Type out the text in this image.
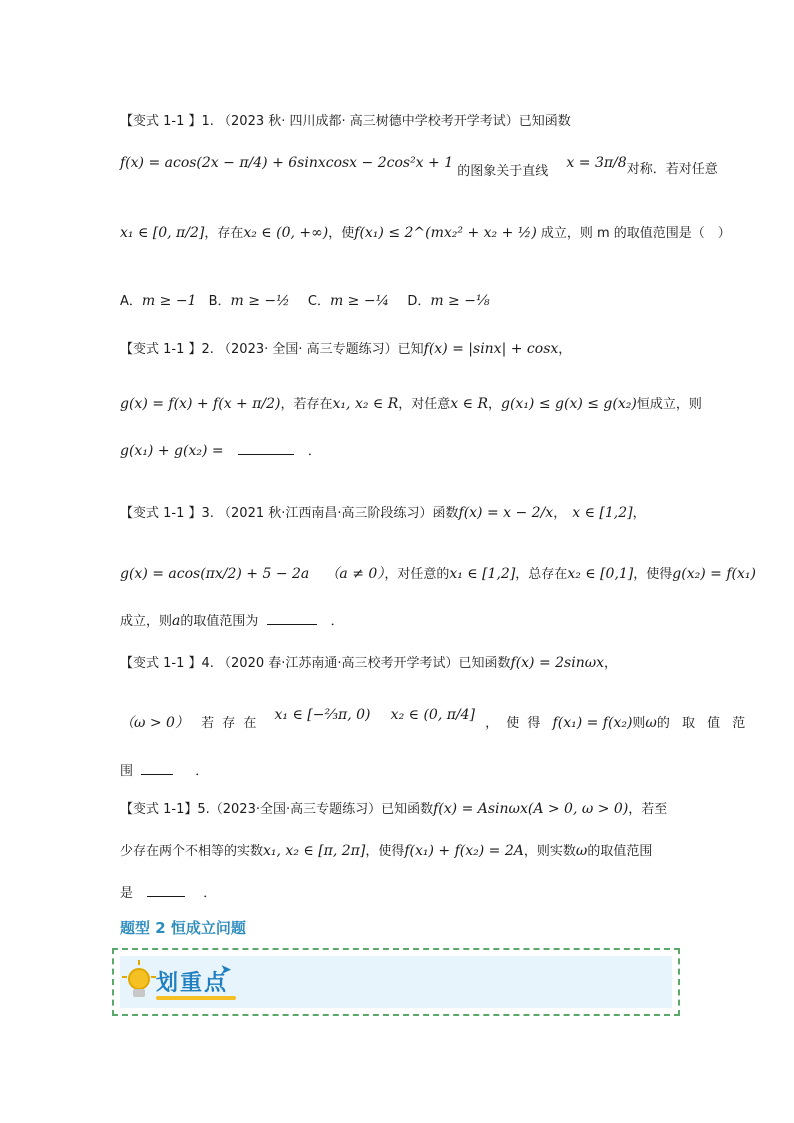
【变式 1-1 】1. （2023 秋· 四川成都· 高三树德中学校考开学考试）已知函数
f(x) = acos(2x − π/4) + 6sinxcosx − 2cos²x + 1 的图象关于直线 x = 3π/8对称．若对任意
x₁ ∈ [0, π/2]，存在x₂ ∈ (0, +∞)，使f(x₁) ≤ 2^(mx₂² + x₂ + ½) 成立，则 m 的取值范围是（　）
A．m ≥ −1 B．m ≥ −½ C．m ≥ −¼ D．m ≥ −⅛
【变式 1-1 】2. （2023· 全国· 高三专题练习）已知f(x) = |sinx| + cosx，
g(x) = f(x) + f(x + π/2)，若存在x₁, x₂ ∈ R，对任意x ∈ R，g(x₁) ≤ g(x) ≤ g(x₂)恒成立，则
g(x₁) + g(x₂) =	．
【变式 1-1 】3. （2021 秋·江西南昌·高三阶段练习）函数f(x) = x − 2/x， x ∈ [1,2]，
g(x) = acos(πx/2) + 5 − 2a （a ≠ 0），对任意的x₁ ∈ [1,2]，总存在x₂ ∈ [0,1]，使得g(x₂) = f(x₁)
成立，则a的取值范围为	．
【变式 1-1 】4. （2020 春·江苏南通·高三校考开学考试）已知函数f(x) = 2sinωx，
（ω > 0） 若 存 在 x₁ ∈ [−⅔π, 0) x₂ ∈ (0, π/4] ， 使 得 f(x₁) = f(x₂)则ω的 取 值 范
围	．
【变式 1-1】5.（2023·全国·高三专题练习）已知函数f(x) = Asinωx(A > 0, ω > 0)，若至
少存在两个不相等的实数x₁, x₂ ∈ [π, 2π]，使得f(x₁) + f(x₂) = 2A，则实数ω的取值范围
是	．
题型 2 恒成立问题
划重点
➤
